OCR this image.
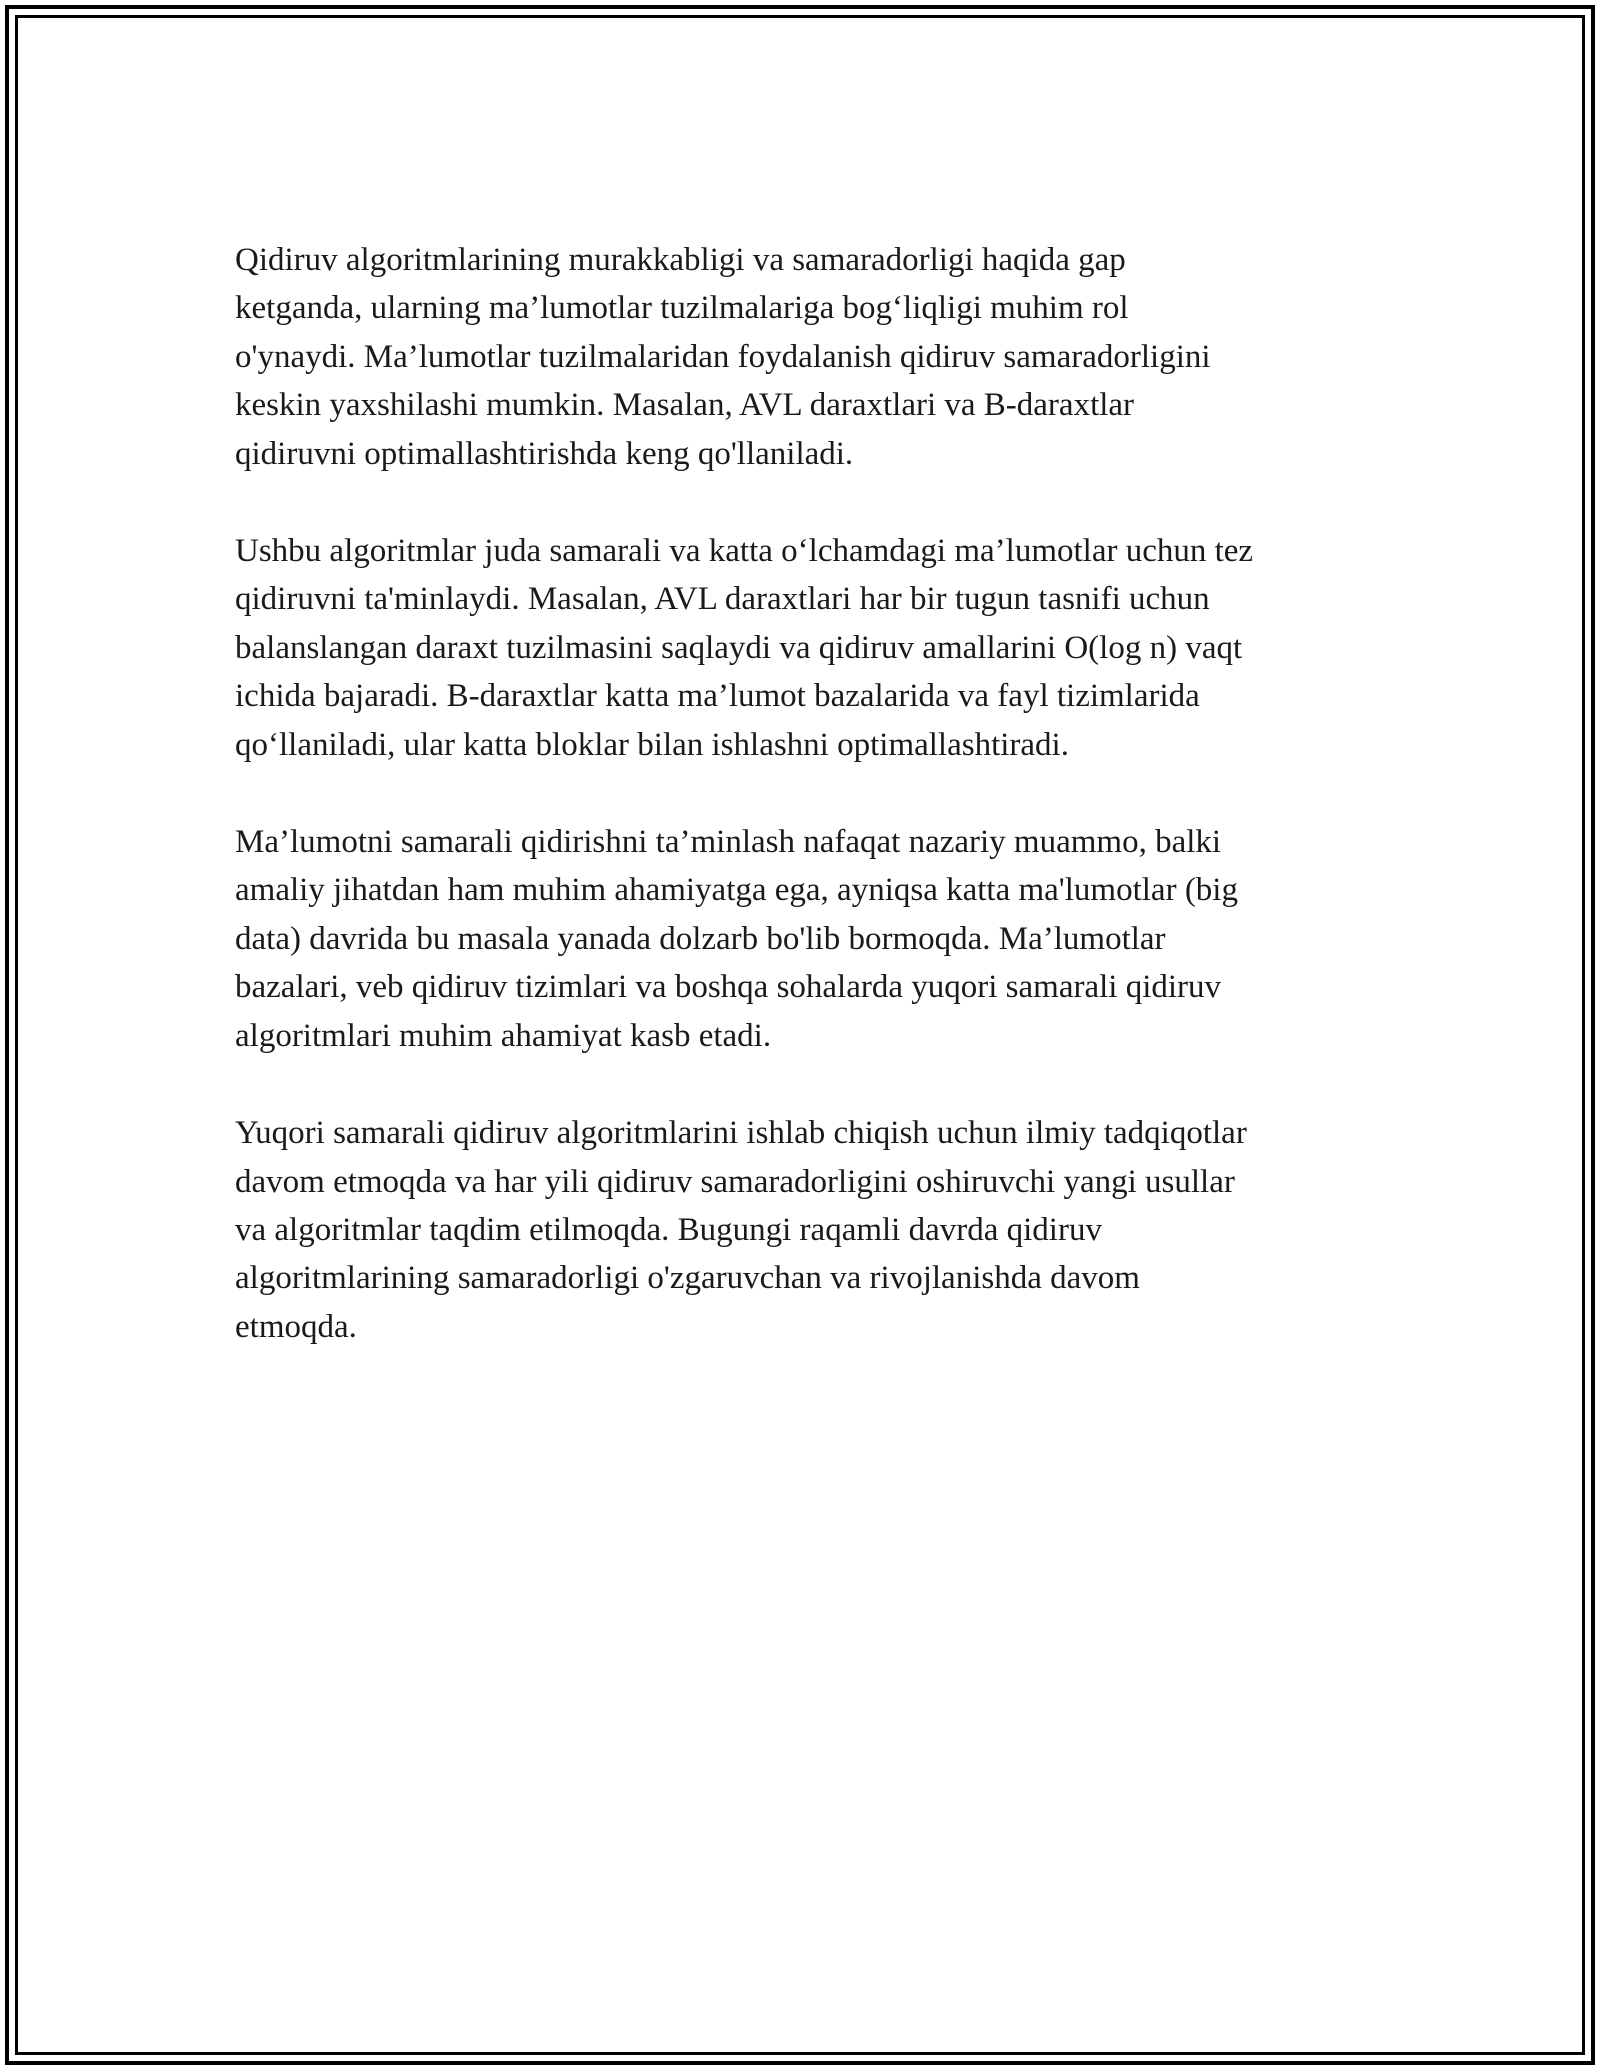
Qidiruv algoritmlarining murakkabligi va samaradorligi haqida gap
ketganda, ularning ma’lumotlar tuzilmalariga bog‘liqligi muhim rol
o'ynaydi. Ma’lumotlar tuzilmalaridan foydalanish qidiruv samaradorligini
keskin yaxshilashi mumkin. Masalan, AVL daraxtlari va B-daraxtlar
qidiruvni optimallashtirishda keng qo'llaniladi.

Ushbu algoritmlar juda samarali va katta o‘lchamdagi ma’lumotlar uchun tez
qidiruvni ta'minlaydi. Masalan, AVL daraxtlari har bir tugun tasnifi uchun
balanslangan daraxt tuzilmasini saqlaydi va qidiruv amallarini O(log n) vaqt
ichida bajaradi. B-daraxtlar katta ma’lumot bazalarida va fayl tizimlarida
qo‘llaniladi, ular katta bloklar bilan ishlashni optimallashtiradi.

Ma’lumotni samarali qidirishni ta’minlash nafaqat nazariy muammo, balki
amaliy jihatdan ham muhim ahamiyatga ega, ayniqsa katta ma'lumotlar (big
data) davrida bu masala yanada dolzarb bo'lib bormoqda. Ma’lumotlar
bazalari, veb qidiruv tizimlari va boshqa sohalarda yuqori samarali qidiruv
algoritmlari muhim ahamiyat kasb etadi.

Yuqori samarali qidiruv algoritmlarini ishlab chiqish uchun ilmiy tadqiqotlar
davom etmoqda va har yili qidiruv samaradorligini oshiruvchi yangi usullar
va algoritmlar taqdim etilmoqda. Bugungi raqamli davrda qidiruv
algoritmlarining samaradorligi o'zgaruvchan va rivojlanishda davom
etmoqda.
